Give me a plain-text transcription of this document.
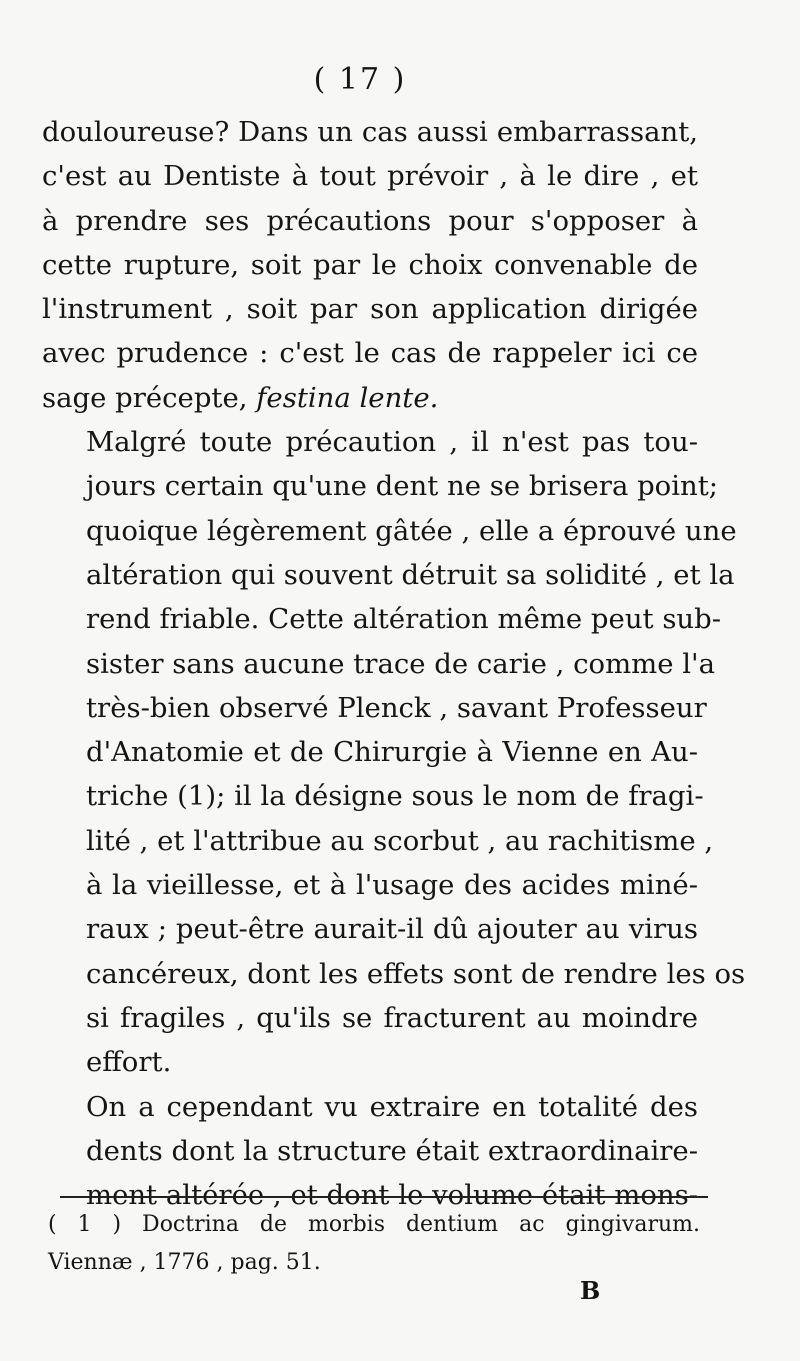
( 17 )
douloureuse? Dans un cas aussi embarrassant,
c'est au Dentiste à tout prévoir , à le dire , et
à prendre ses précautions pour s'opposer à
cette rupture, soit par le choix convenable de
l'instrument , soit par son application dirigée
avec prudence : c'est le cas de rappeler ici ce
sage précepte, festina lente.
Malgré toute précaution , il n'est pas tou-
jours certain qu'une dent ne se brisera point;
quoique légèrement gâtée , elle a éprouvé une
altération qui souvent détruit sa solidité , et la
rend friable. Cette altération même peut sub-
sister sans aucune trace de carie , comme l'a
très-bien observé Plenck , savant Professeur
d'Anatomie et de Chirurgie à Vienne en Au-
triche (1); il la désigne sous le nom de fragi-
lité , et l'attribue au scorbut , au rachitisme ,
à la vieillesse, et à l'usage des acides miné-
raux ; peut-être aurait-il dû ajouter au virus
cancéreux, dont les effets sont de rendre les os
si fragiles , qu'ils se fracturent au moindre
effort.
On a cependant vu extraire en totalité des
dents dont la structure était extraordinaire-
ment altérée , et dont le volume était mons-
( 1 ) Doctrina de morbis dentium ac gingivarum.
Viennæ , 1776 , pag. 51.
B
